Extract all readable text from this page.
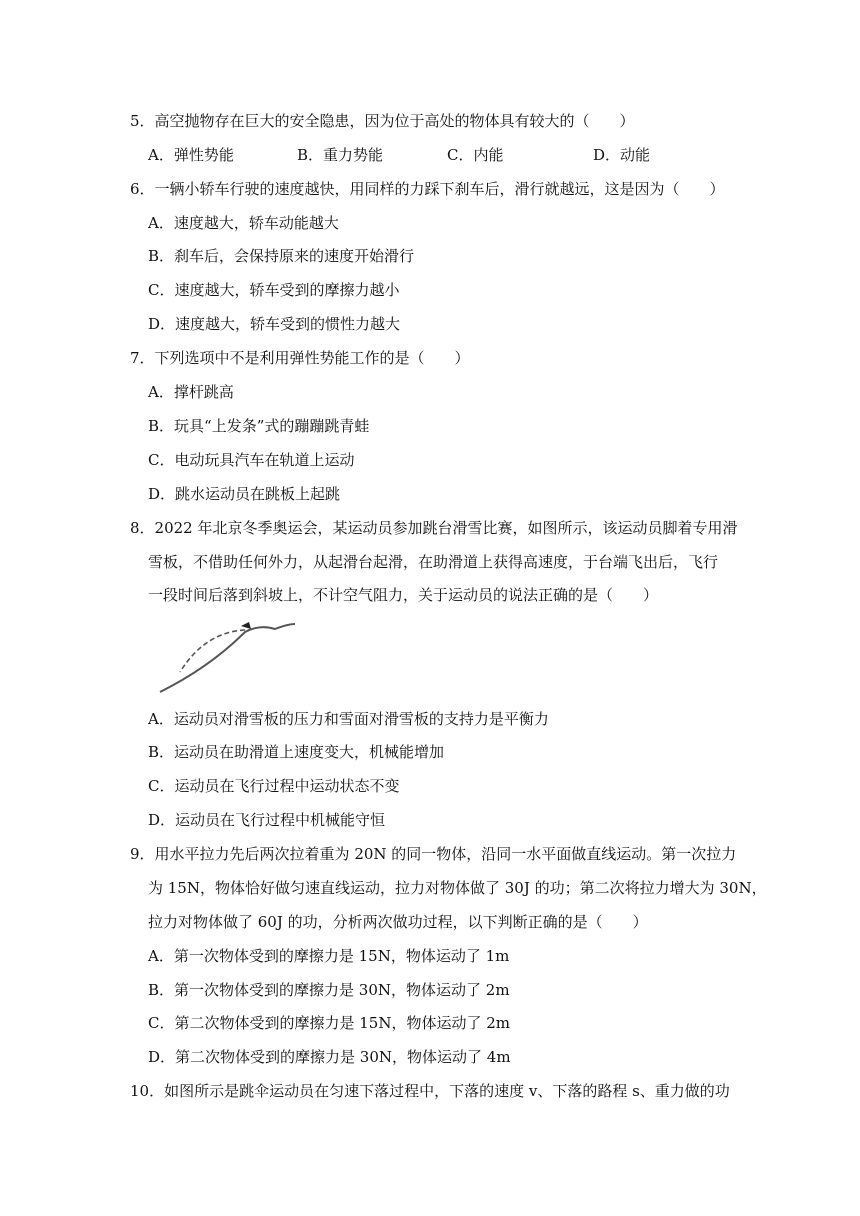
5．高空抛物存在巨大的安全隐患，因为位于高处的物体具有较大的（　　）
A．弹性势能	B．重力势能	C．内能	D．动能
6．一辆小轿车行驶的速度越快，用同样的力踩下刹车后，滑行就越远，这是因为（　　）
A．速度越大，轿车动能越大
B．刹车后，会保持原来的速度开始滑行
C．速度越大，轿车受到的摩擦力越小
D．速度越大，轿车受到的惯性力越大
7．下列选项中不是利用弹性势能工作的是（　　）
A．撑杆跳高
B．玩具“上发条”式的蹦蹦跳青蛙
C．电动玩具汽车在轨道上运动
D．跳水运动员在跳板上起跳
8．2022 年北京冬季奥运会，某运动员参加跳台滑雪比赛，如图所示，该运动员脚着专用滑
雪板，不借助任何外力，从起滑台起滑，在助滑道上获得高速度，于台端飞出后，飞行
一段时间后落到斜坡上，不计空气阻力，关于运动员的说法正确的是（　　）
A．运动员对滑雪板的压力和雪面对滑雪板的支持力是平衡力
B．运动员在助滑道上速度变大，机械能增加
C．运动员在飞行过程中运动状态不变
D．运动员在飞行过程中机械能守恒
9．用水平拉力先后两次拉着重为 20N 的同一物体，沿同一水平面做直线运动。第一次拉力
为 15N，物体恰好做匀速直线运动，拉力对物体做了 30J 的功；第二次将拉力增大为 30N，
拉力对物体做了 60J 的功，分析两次做功过程，以下判断正确的是（　　）
A．第一次物体受到的摩擦力是 15N，物体运动了 1m
B．第一次物体受到的摩擦力是 30N，物体运动了 2m
C．第二次物体受到的摩擦力是 15N，物体运动了 2m
D．第二次物体受到的摩擦力是 30N，物体运动了 4m
10．如图所示是跳伞运动员在匀速下落过程中，下落的速度 v、下落的路程 s、重力做的功
